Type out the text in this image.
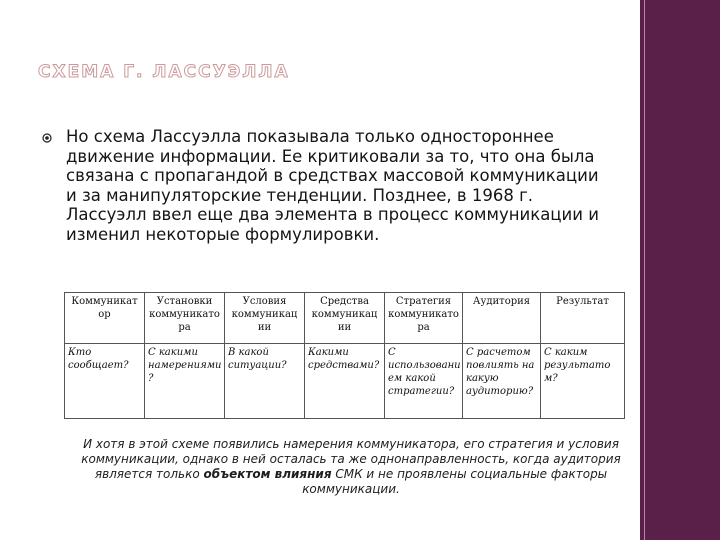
СХЕМА Г. ЛАССУЭЛЛА
Но схема Лассуэлла показывала только одностороннее движение информации. Ее критиковали за то, что она была связана с пропагандой в средствах массовой коммуникации и за манипуляторские тенденции. Позднее, в 1968 г. Лассуэлл ввел еще два элемента в процесс коммуникации и изменил некоторые формулировки.
Коммуникат ор	Установки коммуникато ра	Условия коммуникац ии	Средства коммуникац ии	Стратегия коммуникато ра	Аудитория	Результат
Кто сообщает?	С какими намерениями ?	В какой ситуации?	Какими средствами?	С использовани ем какой стратегии?	С расчетом повлиять на какую аудиторию?	С каким результато м?
И хотя в этой схеме появились намерения коммуникатора, его стратегия и условия коммуникации, однако в ней осталась та же однонаправленность, когда аудитория является только объектом влияния СМК и не проявлены социальные факторы коммуникации.
